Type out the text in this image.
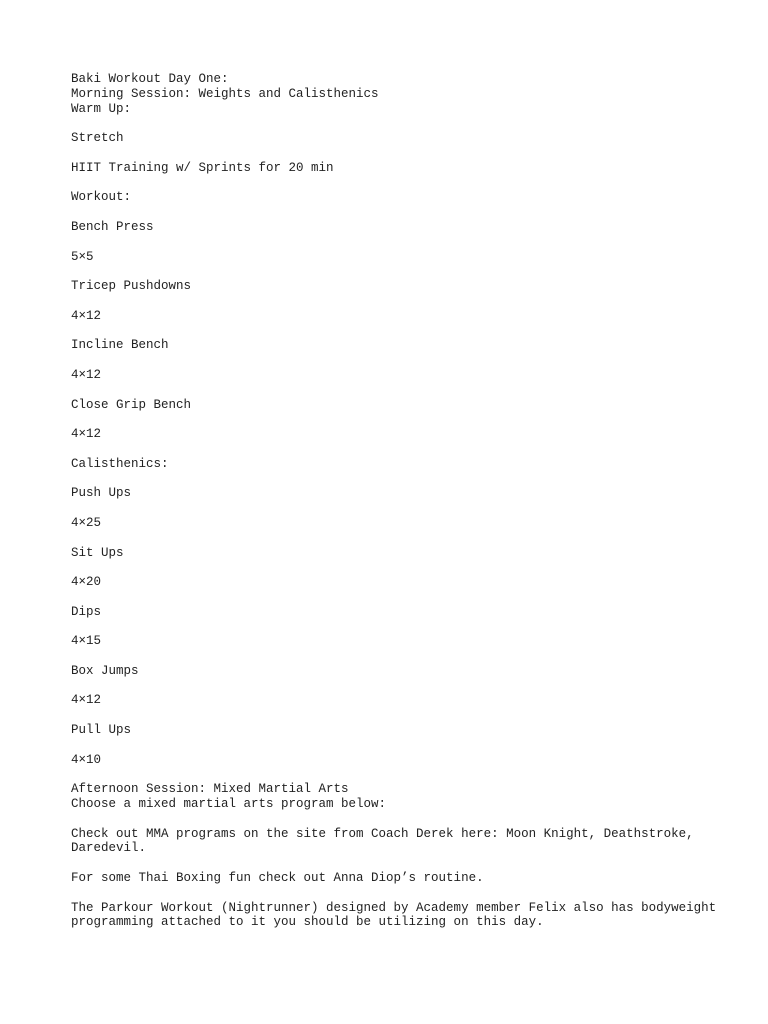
Baki Workout Day One:
Morning Session: Weights and Calisthenics
Warm Up:

Stretch

HIIT Training w/ Sprints for 20 min

Workout:

Bench Press

5×5

Tricep Pushdowns

4×12

Incline Bench

4×12

Close Grip Bench

4×12

Calisthenics:

Push Ups

4×25

Sit Ups

4×20

Dips

4×15

Box Jumps

4×12

Pull Ups

4×10

Afternoon Session: Mixed Martial Arts
Choose a mixed martial arts program below:

Check out MMA programs on the site from Coach Derek here: Moon Knight, Deathstroke, Daredevil.

For some Thai Boxing fun check out Anna Diop’s routine.

The Parkour Workout (Nightrunner) designed by Academy member Felix also has bodyweight programming attached to it you should be utilizing on this day.
